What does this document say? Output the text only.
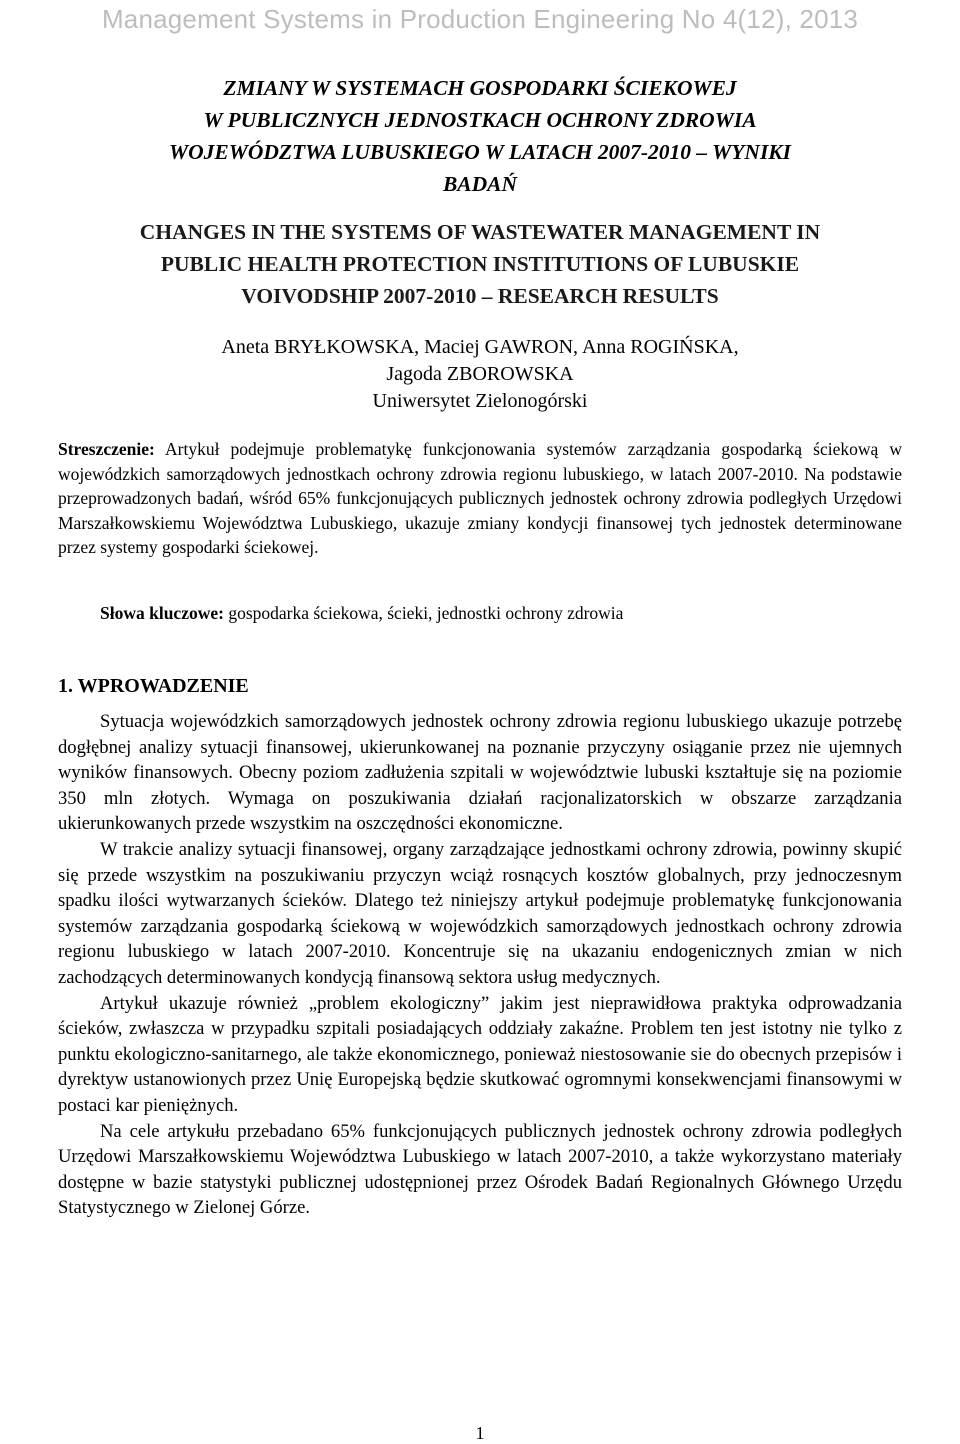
Management Systems in Production Engineering No 4(12), 2013
ZMIANY W SYSTEMACH GOSPODARKI ŚCIEKOWEJ
W PUBLICZNYCH JEDNOSTKACH OCHRONY ZDROWIA
WOJEWÓDZTWA LUBUSKIEGO W LATACH 2007-2010 – WYNIKI
BADAŃ
CHANGES IN THE SYSTEMS OF WASTEWATER MANAGEMENT IN
PUBLIC HEALTH PROTECTION INSTITUTIONS OF LUBUSKIE
VOIVODSHIP 2007-2010 – RESEARCH RESULTS
Aneta BRYŁKOWSKA, Maciej GAWRON, Anna ROGIŃSKA,
Jagoda ZBOROWSKA
Uniwersytet Zielonogórski
Streszczenie: Artykuł podejmuje problematykę funkcjonowania systemów zarządzania gospodarką ściekową w wojewódzkich samorządowych jednostkach ochrony zdrowia regionu lubuskiego, w latach 2007-2010. Na podstawie przeprowadzonych badań, wśród 65% funkcjonujących publicznych jednostek ochrony zdrowia podległych Urzędowi Marszałkowskiemu Województwa Lubuskiego, ukazuje zmiany kondycji finansowej tych jednostek determinowane przez systemy gospodarki ściekowej.
Słowa kluczowe: gospodarka ściekowa, ścieki, jednostki ochrony zdrowia
1. WPROWADZENIE

Sytuacja wojewódzkich samorządowych jednostek ochrony zdrowia regionu lubuskiego ukazuje potrzebę dogłębnej analizy sytuacji finansowej, ukierunkowanej na poznanie przyczyny osiąganie przez nie ujemnych wyników finansowych. Obecny poziom zadłużenia szpitali w województwie lubuski kształtuje się na poziomie 350 mln złotych. Wymaga on poszukiwania działań racjonalizatorskich w obszarze zarządzania ukierunkowanych przede wszystkim na oszczędności ekonomiczne.

W trakcie analizy sytuacji finansowej, organy zarządzające jednostkami ochrony zdrowia, powinny skupić się przede wszystkim na poszukiwaniu przyczyn wciąż rosnących kosztów globalnych, przy jednoczesnym spadku ilości wytwarzanych ścieków. Dlatego też niniejszy artykuł podejmuje problematykę funkcjonowania systemów zarządzania gospodarką ściekową w wojewódzkich samorządowych jednostkach ochrony zdrowia regionu lubuskiego w latach 2007-2010. Koncentruje się na ukazaniu endogenicznych zmian w nich zachodzących determinowanych kondycją finansową sektora usług medycznych.

Artykuł ukazuje również „problem ekologiczny” jakim jest nieprawidłowa praktyka odprowadzania ścieków, zwłaszcza w przypadku szpitali posiadających oddziały zakaźne. Problem ten jest istotny nie tylko z punktu ekologiczno-sanitarnego, ale także ekonomicznego, ponieważ niestosowanie sie do obecnych przepisów i dyrektyw ustanowionych przez Unię Europejską będzie skutkować ogromnymi konsekwencjami finansowymi w postaci kar pieniężnych.

Na cele artykułu przebadano 65% funkcjonujących publicznych jednostek ochrony zdrowia podległych Urzędowi Marszałkowskiemu Województwa Lubuskiego w latach 2007-2010, a także wykorzystano materiały dostępne w bazie statystyki publicznej udostępnionej przez Ośrodek Badań Regionalnych Głównego Urzędu Statystycznego w Zielonej Górze.

1
